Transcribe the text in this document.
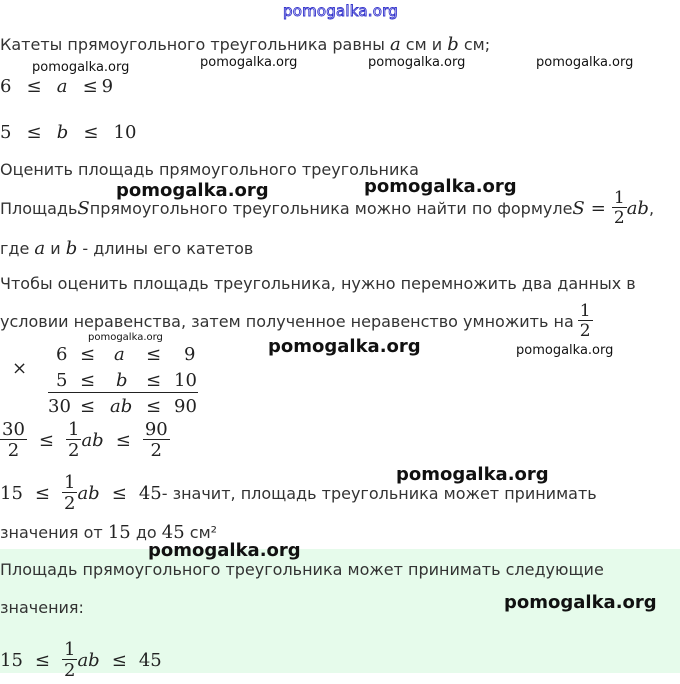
pomogalka.org
Катеты прямоугольного треугольника равны a см и b см;
pomogalka.org	pomogalka.org	pomogalka.org	pomogalka.org
6 ≤ a ≤ 9
5 ≤ b ≤ 10
Оценить площадь прямоугольного треугольника
pomogalka.org	pomogalka.org
Площадь S прямоугольного треугольника можно найти по формуле $S = \frac{1}{2}$ ab ,
где a и b - длины его катетов
Чтобы оценить площадь треугольника, нужно перемножить два данных в
условии неравенства, затем полученное неравенство умножить на $\frac{1}{2}$
pomogalka.org	pomogalka.org	pomogalka.org
×
6 ≤ a ≤ 9
5 ≤ b ≤ 10
30 ≤ ab ≤ 90
$\frac{30}{2} \le \frac{1}{2}$ ab ≤ $\frac{90}{2}$
pomogalka.org
$15 \le \frac{1}{2}$ ab ≤ 45 - значит, площадь треугольника может принимать
значения от 15 до 45 см²
pomogalka.org
pomogalka.org
Площадь прямоугольного треугольника может принимать следующие
значения:
$15 \le \frac{1}{2}$ ab ≤ 45
